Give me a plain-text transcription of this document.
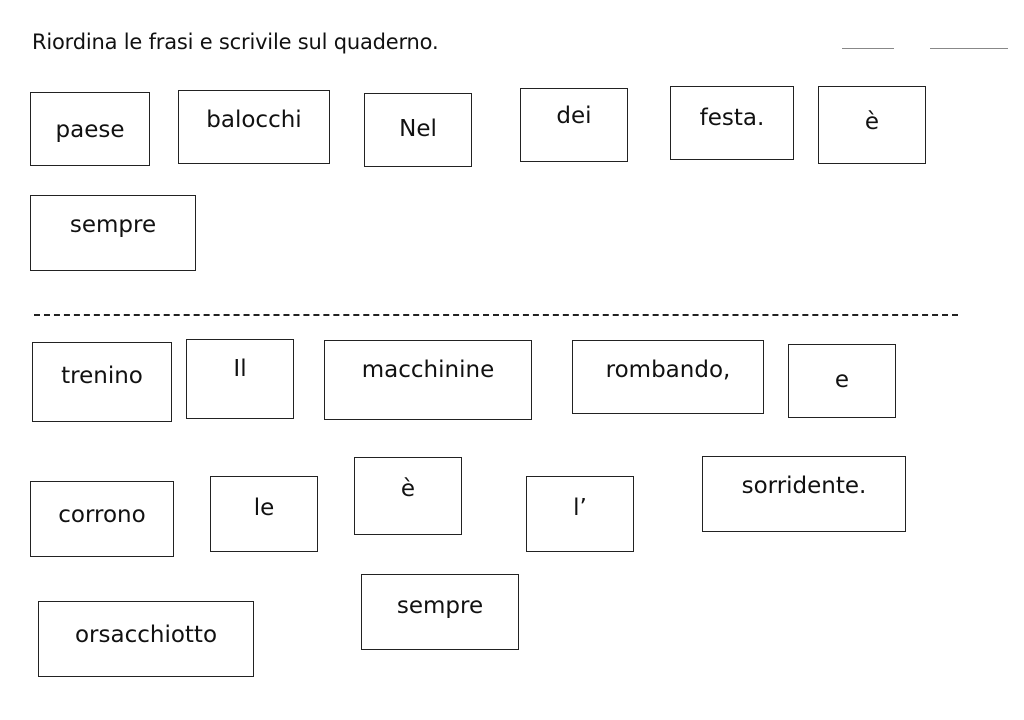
Riordina le frasi e scrivile sul quaderno.
paese	balocchi	Nel	dei	festa.	è
sempre
trenino	Il	macchinine	rombando,	e
corrono	le
è
l’
sorridente.
orsacchiotto
sempre
